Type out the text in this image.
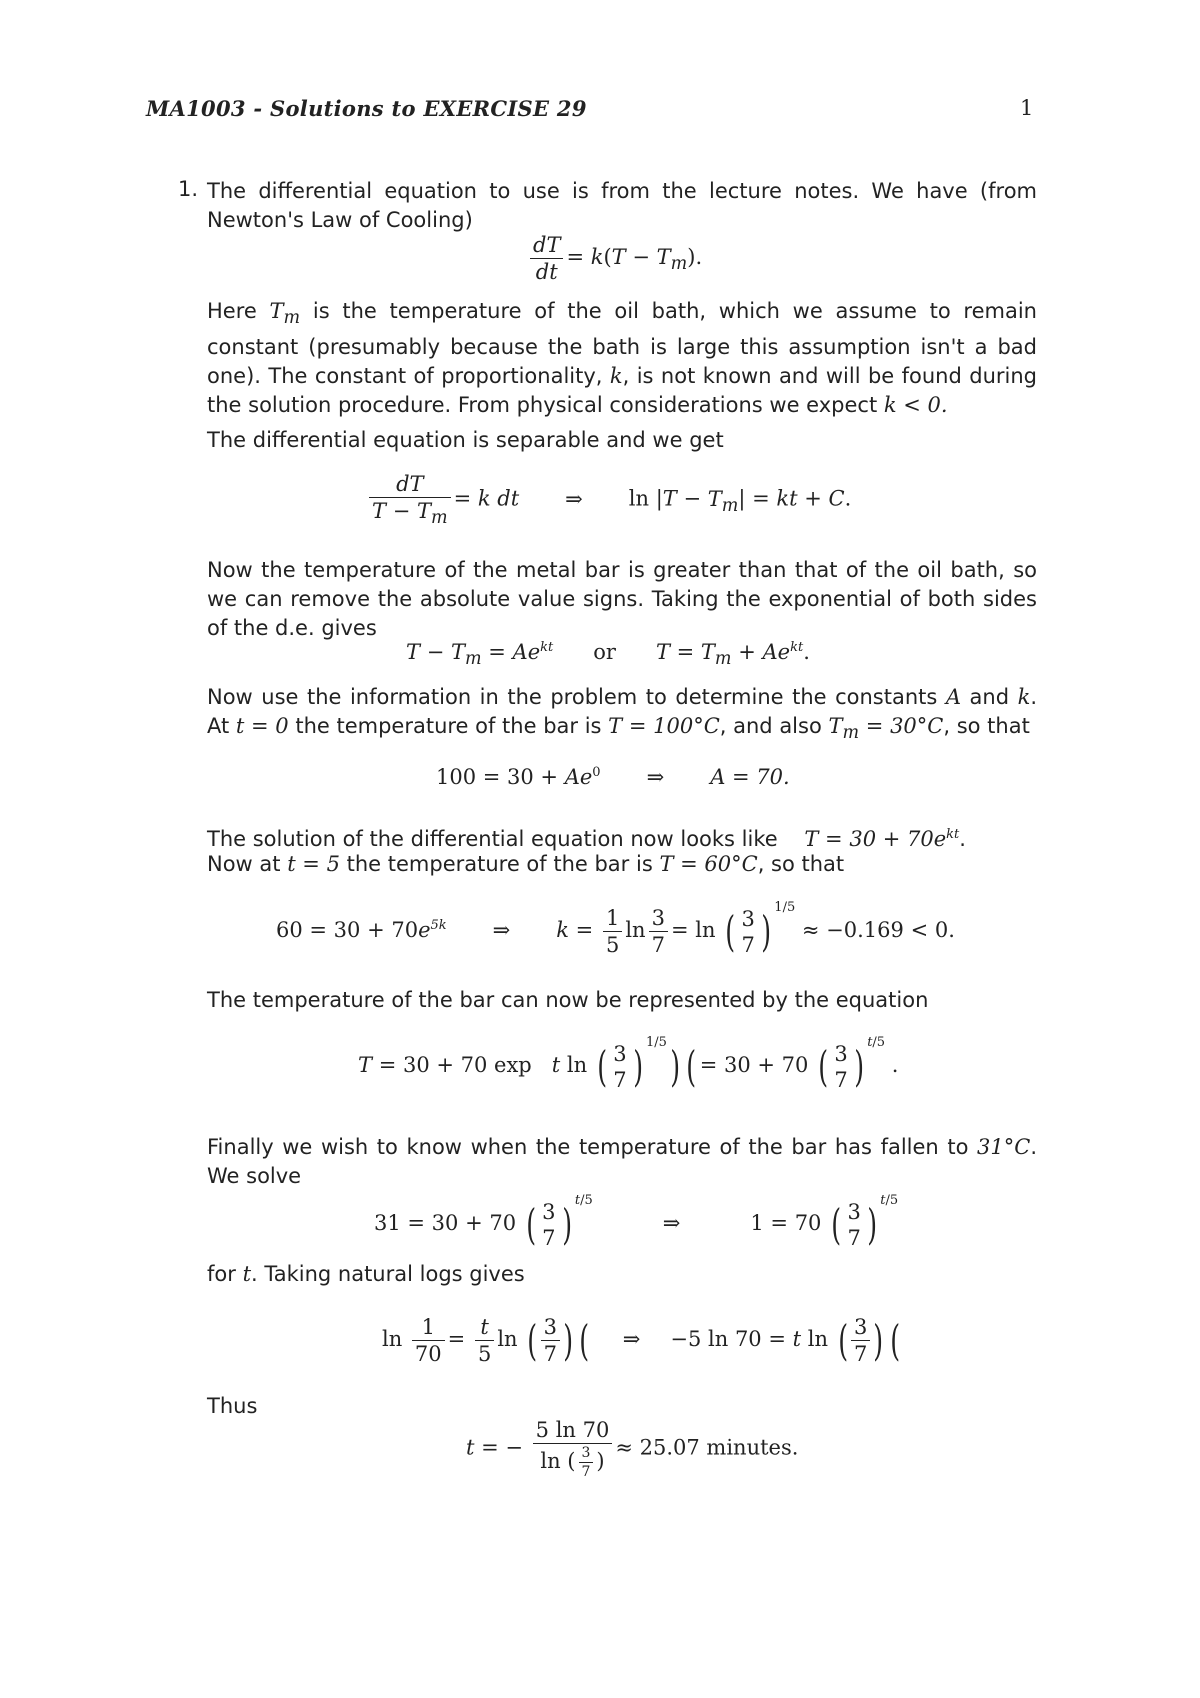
MA1003 - Solutions to EXERCISE 29	1
1. The differential equation to use is from the lecture notes. We have (from Newton's Law of Cooling)
$\frac{dT}{dt} = k(T - T_m)$.
Here $T_m$ is the temperature of the oil bath, which we assume to remain constant (presumably because the bath is large this assumption isn't a bad one). The constant of proportionality, k, is not known and will be found during the solution procedure. From physical considerations we expect k < 0.
The differential equation is separable and we get
$\frac{dT}{T - T_m} = k$ dt ⇒ $\ln |T - T_m|$ = kt + C.
Now the temperature of the metal bar is greater than that of the oil bath, so we can remove the absolute value signs. Taking the exponential of both sides of the d.e. gives
$T - T_m = Ae^{kt}$ or $T = T_m + Ae^{kt}$.
Now use the information in the problem to determine the constants A and k. At t = 0 the temperature of the bar is T = 100°C, and also $T_m = 30^\circ C$, so that
$100 = 30 + Ae^0$ ⇒ A = 70.
The solution of the differential equation now looks like $T = 30 + 70e^{kt}$.
Now at t = 5 the temperature of the bar is T = 60°C, so that
$60 = 30 + 70e^{5k}$ ⇒ $k = \frac{1}{5}$ $\ln \frac{3}{7} = \ln$ ( 3
7 ) $^{1/5}$ ≈ −0.169 < 0.
The temperature of the bar can now be represented by the equation
T = 30 + 70 exp   t ln ( 3
7 ) $^{1/5}$) ( = 30 + 70 ( 3
7 ) $^{t/5}$ .
Finally we wish to know when the temperature of the bar has fallen to 31°C. We solve
31 = 30 + 70 ( 3
7 ) $^{t/5}$⇒	1 = 70 ( 3
7 ) $^{t/5}$
for t. Taking natural logs gives
$\ln \frac{1}{70} = \frac{t}{5}$ ln ( $\frac{3}{7}$ ) ( ⇒ −5 ln 70 = t ln ( $\frac{3}{7}$ ) (
Thus
t = − $\frac{5 \ln 70}{\ln ( \frac{3}{7} )} \approx 25.07$ minutes.
